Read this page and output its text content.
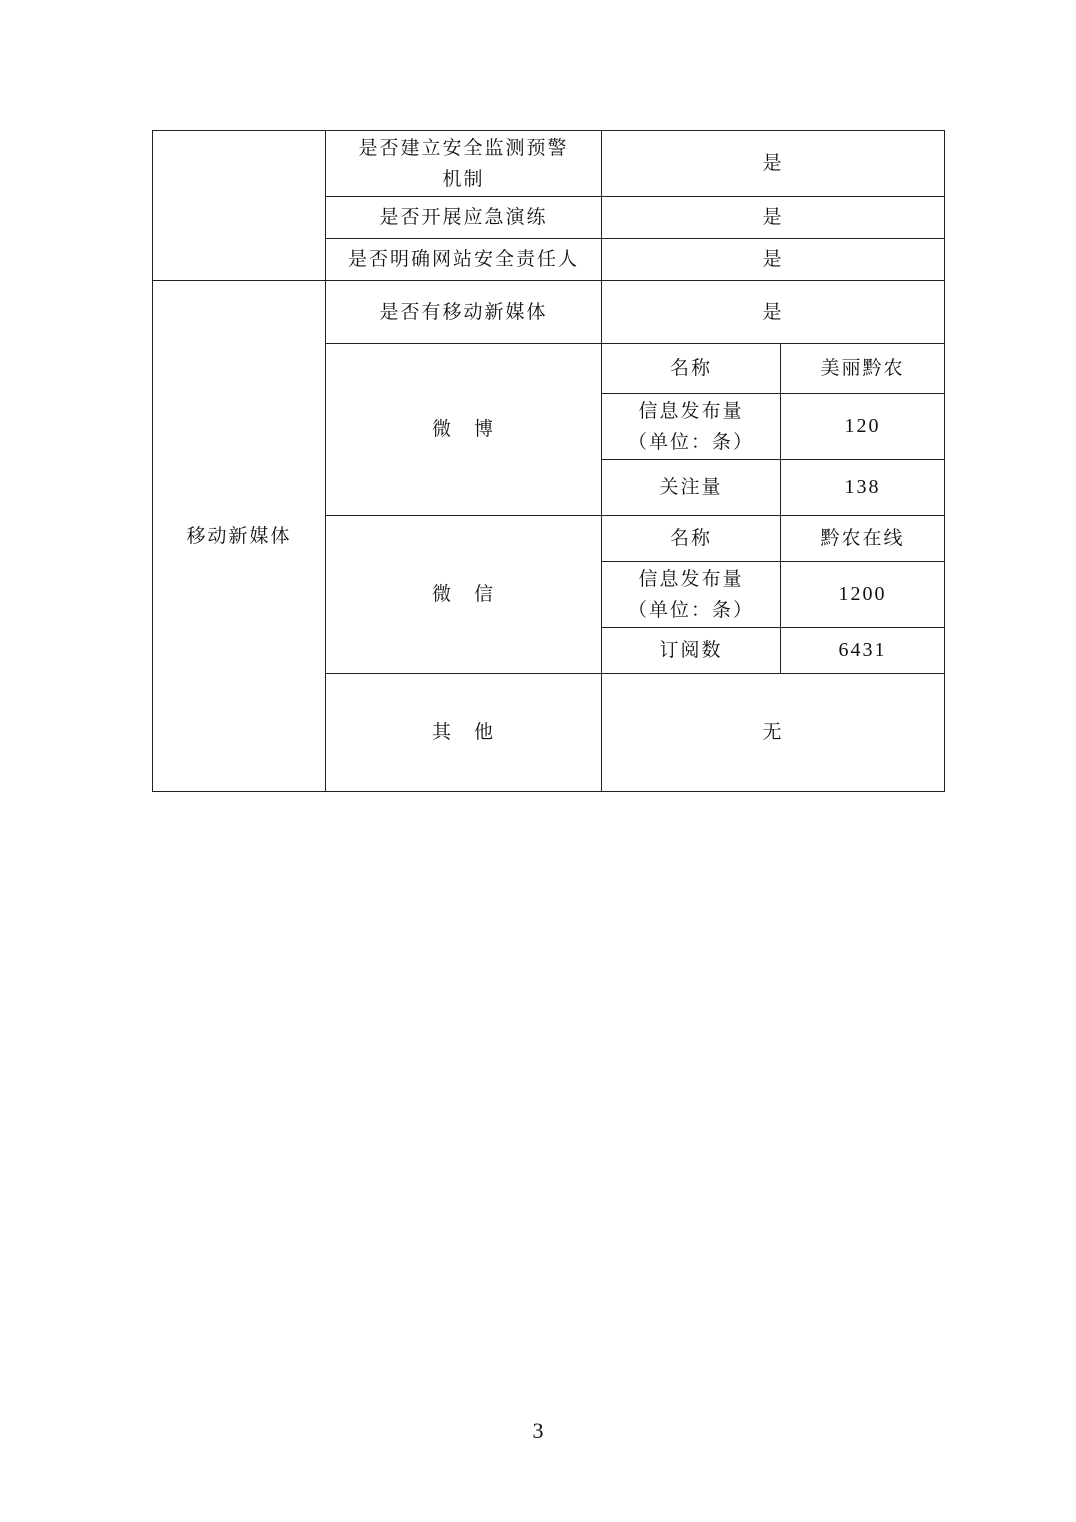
	是否建立安全监测预警
机制	是	
	是否开展应急演练	是	
	是否明确网站安全责任人	是	
移动新媒体	是否有移动新媒体	是	
	微　博	名称	美丽黔农
		信息发布量
（单位：条）	120
		关注量	138
	微　信	名称	黔农在线
		信息发布量
（单位：条）	1200
		订阅数	6431
	其　他	无	
3
